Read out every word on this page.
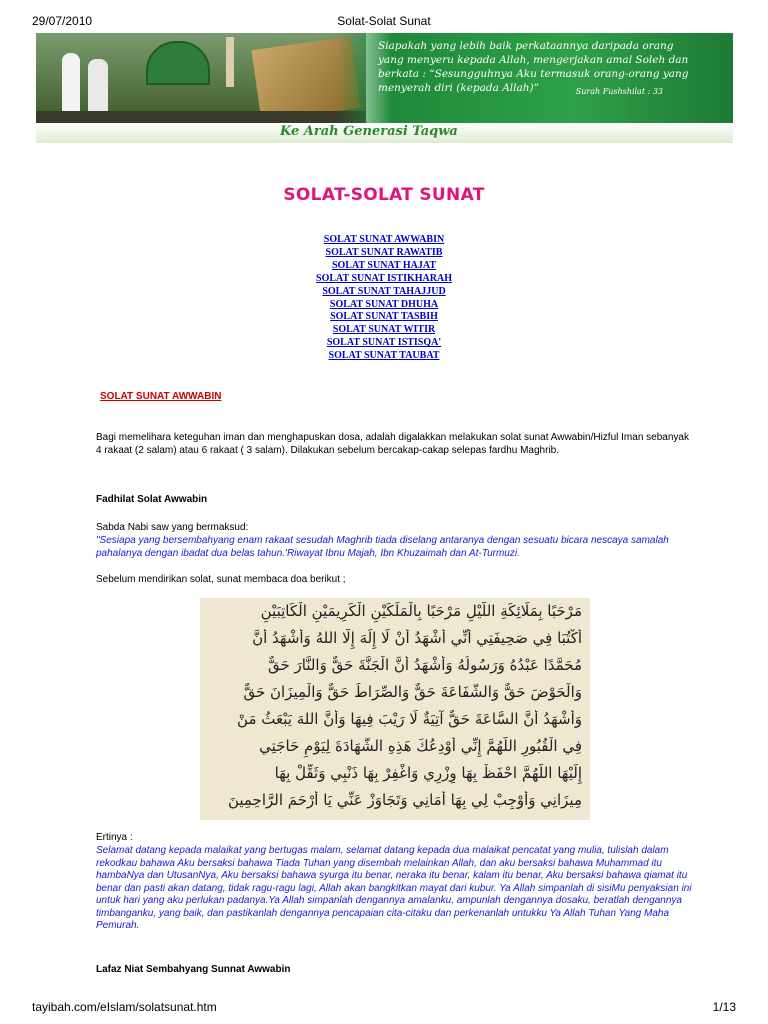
29/07/2010	Solat-Solat Sunat
Siapakah yang lebih baik perkataannya daripada orang
yang menyeru kepada Allah, mengerjakan amal Soleh dan
berkata : “Sesungguhnya Aku termasuk orang-orang yang
menyerah diri (kepada Allah)”	Surah Fushshilat : 33
Ke Arah Generasi Taqwa
SOLAT-SOLAT SUNAT
SOLAT SUNAT AWWABIN
SOLAT SUNAT RAWATIB
SOLAT SUNAT HAJAT
SOLAT SUNAT ISTIKHARAH
SOLAT SUNAT TAHAJJUD
SOLAT SUNAT DHUHA
SOLAT SUNAT TASBIH
SOLAT SUNAT WITIR
SOLAT SUNAT ISTISQA'
SOLAT SUNAT TAUBAT
SOLAT SUNAT AWWABIN
Bagi memelihara keteguhan iman dan menghapuskan dosa, adalah digalakkan melakukan solat sunat Awwabin/Hizful Iman sebanyak 4 rakaat (2 salam) atau 6 rakaat ( 3 salam). Dilakukan sebelum bercakap-cakap selepas fardhu Maghrib.
Fadhilat Solat Awwabin
Sabda Nabi saw yang bermaksud:
"Sesiapa yang bersembahyang enam rakaat sesudah Maghrib tiada diselang antaranya dengan sesuatu bicara nescaya samalah pahalanya dengan ibadat dua belas tahun.'Riwayat Ibnu Majah, Ibn Khuzaimah dan At-Turmuzi.
Sebelum mendirikan solat, sunat membaca doa berikut ;
مَرْحَبًا بِمَلَائِكَةِ اللَّيْلِ مَرْحَبًا بِالْمَلَكَيْنِ الْكَرِيمَيْنِ الْكَاتِبَيْنِ
أُكْتُبَا فِي صَحِيفَتِي أَنِّي أَشْهَدُ أَنْ لَا إِلَهَ إِلَّا اللهُ وَأَشْهَدُ أَنَّ
مُحَمَّدًا عَبْدُهُ وَرَسُولُهُ وَأَشْهَدُ أَنَّ الْجَنَّةَ حَقٌّ وَالنَّارَ حَقٌّ
وَالْحَوْضَ حَقٌّ وَالشَّفَاعَةَ حَقٌّ وَالصِّرَاطَ حَقٌّ وَالْمِيزَانَ حَقٌّ
وَأَشْهَدُ أَنَّ السَّاعَةَ حَقٌّ آتِيَةٌ لَا رَيْبَ فِيهَا وَأَنَّ اللهَ يَبْعَثُ مَنْ
فِي الْقُبُورِ اللَّهُمَّ إِنِّي أَوْدِعُكَ هَذِهِ الشَّهَادَةَ لِيَوْمِ حَاجَتِي
إِلَيْهَا اللَّهُمَّ احْفَظْ بِهَا وِزْرِي وَاغْفِرْ بِهَا ذَنْبِي وَثَقِّلْ بِهَا
مِيزَانِي وَأَوْجِبْ لِي بِهَا أَمَانِي وَتَجَاوَزْ عَنِّي يَا أَرْحَمَ الرَّاحِمِينَ
Ertinya :
Selamat datang kepada malaikat yang bertugas malam, selamat datang kepada dua malaikat pencatat yang mulia, tulislah dalam rekodkau bahawa Aku bersaksi bahawa Tiada Tuhan yang disembah melainkan Allah, dan aku bersaksi bahawa Muhammad itu hambaNya dan UtusanNya, Aku bersaksi bahawa syurga itu benar, neraka itu benar, kalam itu benar, Aku bersaksi bahawa qiamat itu benar dan pasti akan datang, tidak ragu-ragu lagi, Allah akan bangkitkan mayat dari kubur. Ya Allah simpanlah di sisiMu penyaksian ini untuk hari yang aku perlukan padanya.Ya Allah simpanlah dengannya amalanku, ampunlah dengannya dosaku, beratlah dengannya timbanganku, yang baik, dan pastikanlah dengannya pencapaian cita-citaku dan perkenanlah untukku Ya Allah Tuhan Yang Maha Pemurah.
Lafaz Niat Sembahyang Sunnat Awwabin
tayibah.com/eIslam/solatsunat.htm	1/13
